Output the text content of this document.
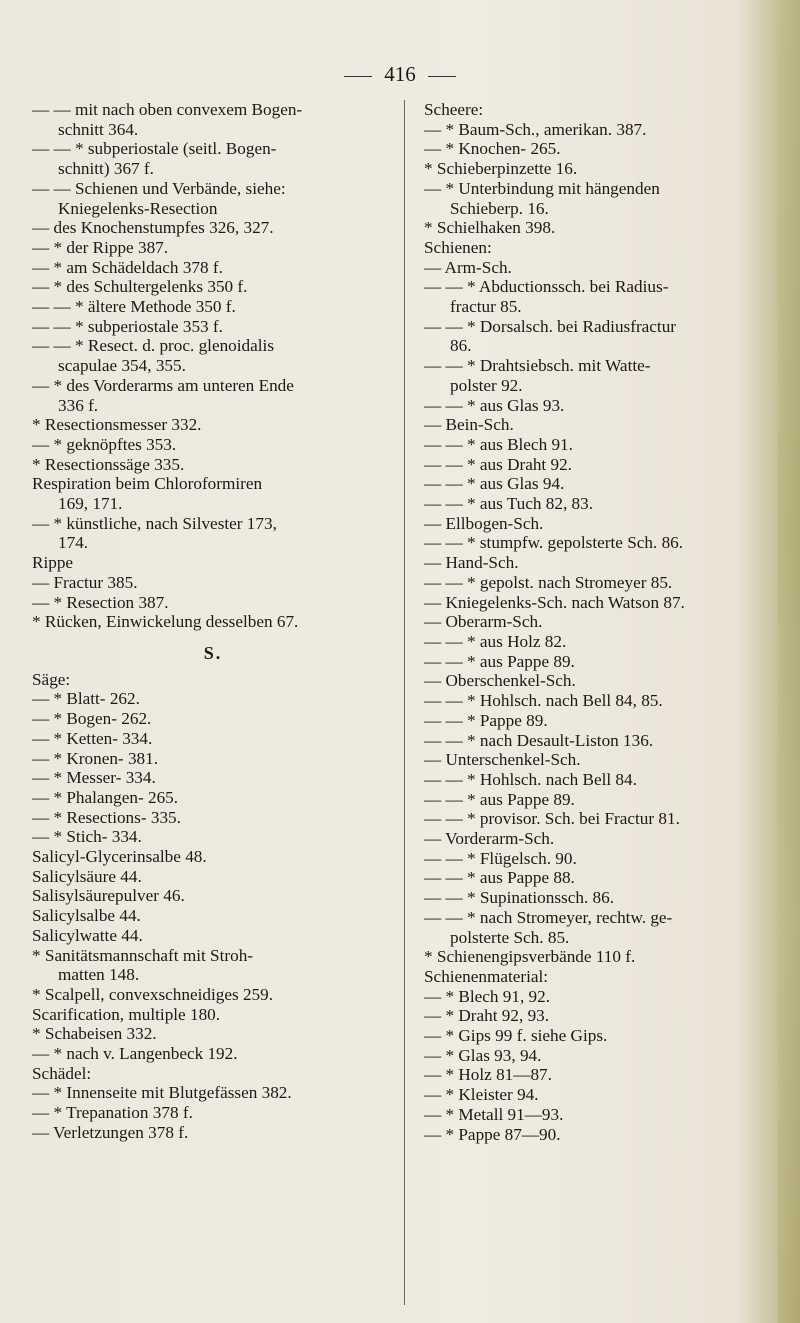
416
— — mit nach oben convexem Bogen-
schnitt 364.
— — * subperiostale (seitl. Bogen-
schnitt) 367 f.
— — Schienen und Verbände, siehe:
Kniegelenks-Resection
— des Knochenstumpfes 326, 327.
— * der Rippe 387.
— * am Schädeldach 378 f.
— * des Schultergelenks 350 f.
— — * ältere Methode 350 f.
— — * subperiostale 353 f.
— — * Resect. d. proc. glenoidalis
scapulae 354, 355.
— * des Vorderarms am unteren Ende
336 f.
* Resectionsmesser 332.
— * geknöpftes 353.
* Resectionssäge 335.
Respiration beim Chloroformiren
169, 171.
— * künstliche, nach Silvester 173,
174.
Rippe
— Fractur 385.
— * Resection 387.
* Rücken, Einwickelung desselben 67.
S.
Säge:
— * Blatt- 262.
— * Bogen- 262.
— * Ketten- 334.
— * Kronen- 381.
— * Messer- 334.
— * Phalangen- 265.
— * Resections- 335.
— * Stich- 334.
Salicyl-Glycerinsalbe 48.
Salicylsäure 44.
Salisylsäurepulver 46.
Salicylsalbe 44.
Salicylwatte 44.
* Sanitätsmannschaft mit Stroh-
matten 148.
* Scalpell, convexschneidiges 259.
Scarification, multiple 180.
* Schabeisen 332.
— * nach v. Langenbeck 192.
Schädel:
— * Innenseite mit Blutgefässen 382.
— * Trepanation 378 f.
— Verletzungen 378 f.
Scheere:
— * Baum-Sch., amerikan. 387.
— * Knochen- 265.
* Schieberpinzette 16.
— * Unterbindung mit hängenden
Schieberp. 16.
* Schielhaken 398.
Schienen:
— Arm-Sch.
— — * Abductionssch. bei Radius-
fractur 85.
— — * Dorsalsch. bei Radiusfractur
86.
— — * Drahtsiebsch. mit Watte-
polster 92.
— — * aus Glas 93.
— Bein-Sch.
— — * aus Blech 91.
— — * aus Draht 92.
— — * aus Glas 94.
— — * aus Tuch 82, 83.
— Ellbogen-Sch.
— — * stumpfw. gepolsterte Sch. 86.
— Hand-Sch.
— — * gepolst. nach Stromeyer 85.
— Kniegelenks-Sch. nach Watson 87.
— Oberarm-Sch.
— — * aus Holz 82.
— — * aus Pappe 89.
— Oberschenkel-Sch.
— — * Hohlsch. nach Bell 84, 85.
— — * Pappe 89.
— — * nach Desault-Liston 136.
— Unterschenkel-Sch.
— — * Hohlsch. nach Bell 84.
— — * aus Pappe 89.
— — * provisor. Sch. bei Fractur 81.
— Vorderarm-Sch.
— — * Flügelsch. 90.
— — * aus Pappe 88.
— — * Supinationssch. 86.
— — * nach Stromeyer, rechtw. ge-
polsterte Sch. 85.
* Schienengipsverbände 110 f.
Schienenmaterial:
— * Blech 91, 92.
— * Draht 92, 93.
— * Gips 99 f. siehe Gips.
— * Glas 93, 94.
— * Holz 81—87.
— * Kleister 94.
— * Metall 91—93.
— * Pappe 87—90.
